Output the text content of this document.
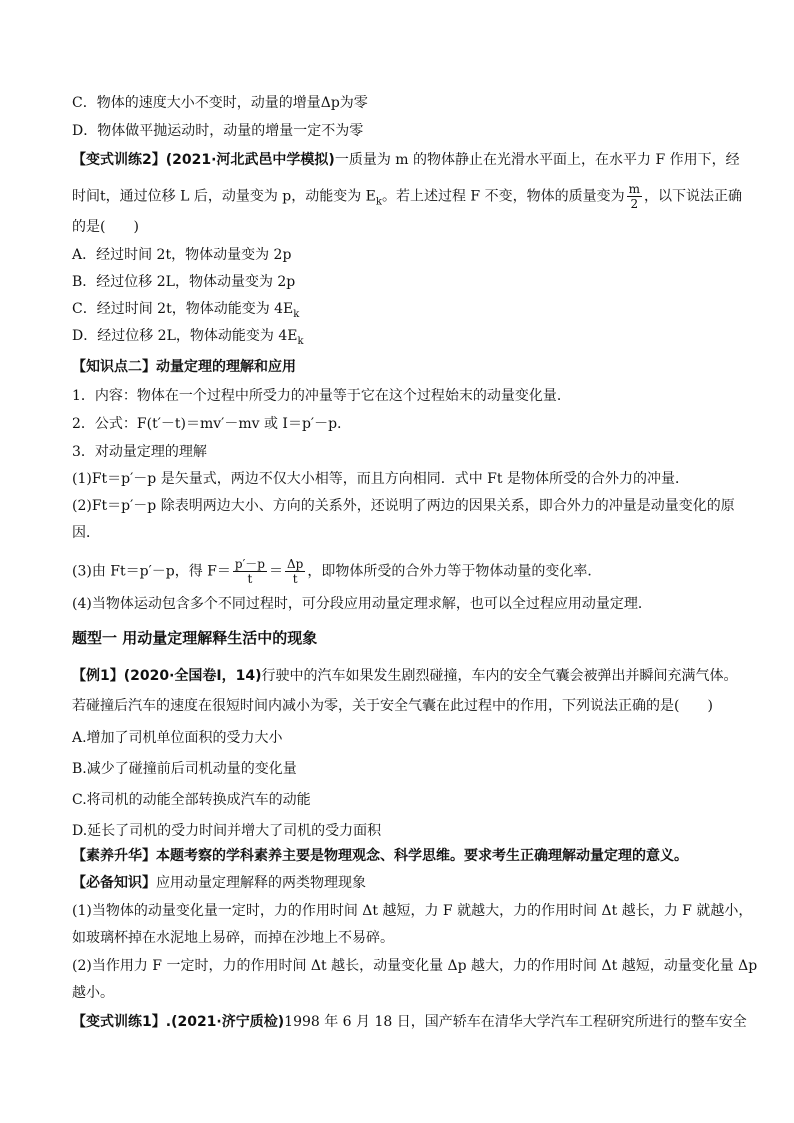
C．物体的速度大小不变时，动量的增量Δp为零
D．物体做平抛运动时，动量的增量一定不为零
【变式训练2】(2021·河北武邑中学模拟)一质量为 m 的物体静止在光滑水平面上，在水平力 F 作用下，经
时间t，通过位移 L 后，动量变为 p，动能变为 $E_k$。若上述过程 F 不变，物体的质量变为 $\frac{m}{2}$ ，以下说法正确
的是(　　)
A．经过时间 2t，物体动量变为 2p
B．经过位移 2L，物体动量变为 2p
C．经过时间 2t，物体动能变为 $4E_k$
D．经过位移 2L，物体动能变为 $4E_k$
【知识点二】动量定理的理解和应用
1．内容：物体在一个过程中所受力的冲量等于它在这个过程始末的动量变化量．
2．公式：F(t′－t)＝mv′－mv 或 I＝p′－p.
3．对动量定理的理解
(1)Ft＝p′－p 是矢量式，两边不仅大小相等，而且方向相同．式中 Ft 是物体所受的合外力的冲量．
(2)Ft＝p′－p 除表明两边大小、方向的关系外，还说明了两边的因果关系，即合外力的冲量是动量变化的原
因．
(3)由 Ft＝p′－p，得 $F= \frac{p'-p}{t} = \frac{\Delta p}{t}$ ，即物体所受的合外力等于物体动量的变化率．
(4)当物体运动包含多个不同过程时，可分段应用动量定理求解，也可以全过程应用动量定理．
题型一 用动量定理解释生活中的现象
【例1】(2020·全国卷Ⅰ，14)行驶中的汽车如果发生剧烈碰撞，车内的安全气囊会被弹出并瞬间充满气体。
若碰撞后汽车的速度在很短时间内减小为零，关于安全气囊在此过程中的作用，下列说法正确的是(　　)
A.增加了司机单位面积的受力大小
B.减少了碰撞前后司机动量的变化量
C.将司机的动能全部转换成汽车的动能
D.延长了司机的受力时间并增大了司机的受力面积
【素养升华】本题考察的学科素养主要是物理观念、科学思维。要求考生正确理解动量定理的意义。
【必备知识】应用动量定理解释的两类物理现象
(1)当物体的动量变化量一定时，力的作用时间 Δt 越短，力 F 就越大，力的作用时间 Δt 越长，力 F 就越小，
如玻璃杯掉在水泥地上易碎，而掉在沙地上不易碎。
(2)当作用力 F 一定时，力的作用时间 Δt 越长，动量变化量 Δp 越大，力的作用时间 Δt 越短，动量变化量 Δp
越小。
【变式训练1】.(2021·济宁质检)1998 年 6 月 18 日，国产轿车在清华大学汽车工程研究所进行的整车安全
